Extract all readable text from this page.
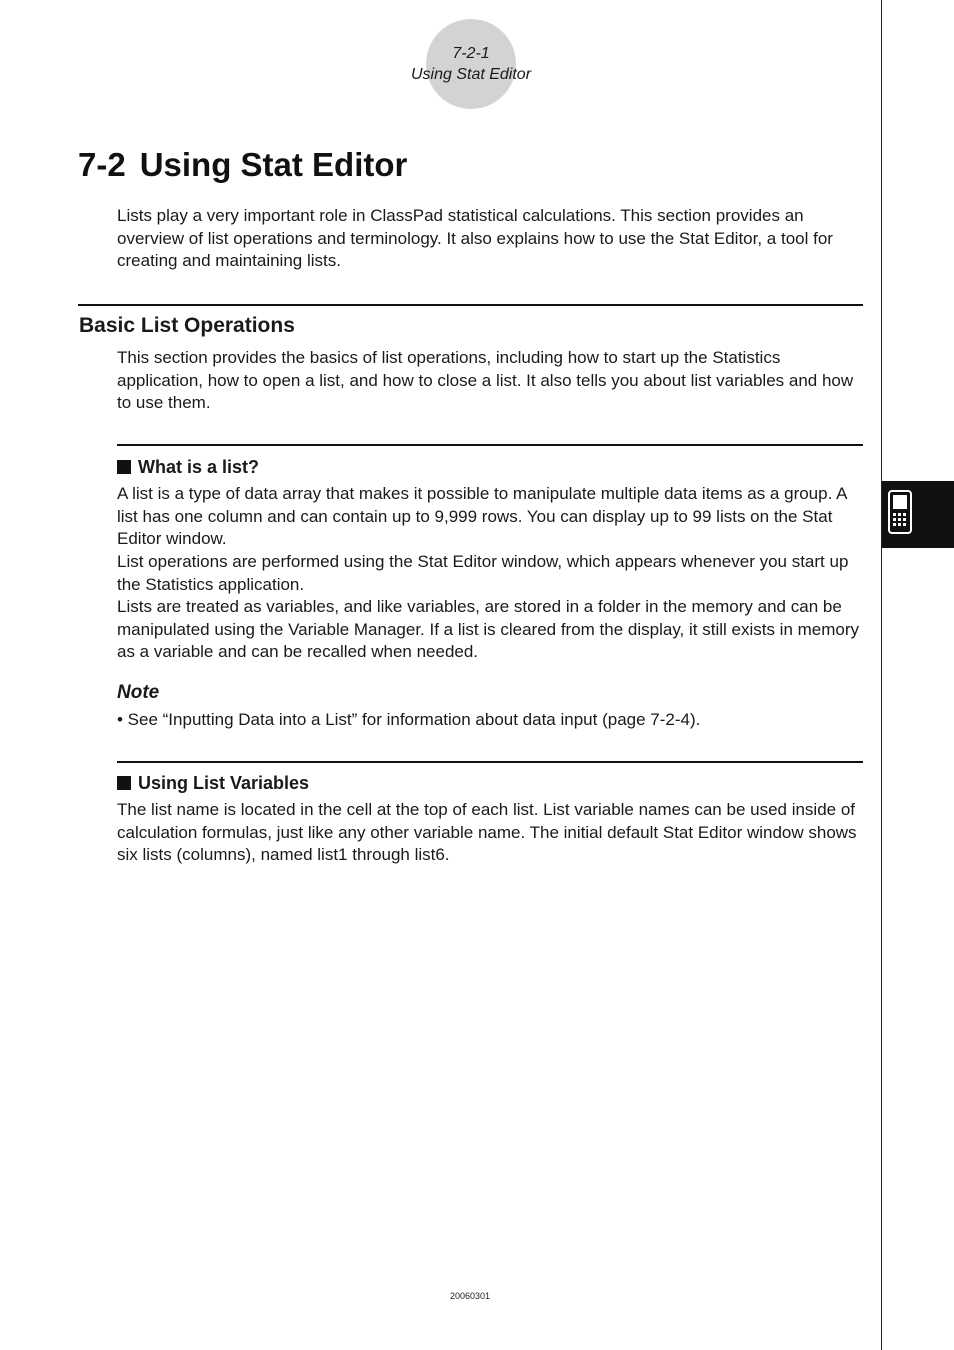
7-2-1
Using Stat Editor
7-2 Using Stat Editor

Lists play a very important role in ClassPad statistical calculations. This section provides an overview of list operations and terminology. It also explains how to use the Stat Editor, a tool for creating and maintaining lists.

Basic List Operations

This section provides the basics of list operations, including how to start up the Statistics application, how to open a list, and how to close a list. It also tells you about list variables and how to use them.

What is a list?

A list is a type of data array that makes it possible to manipulate multiple data items as a group. A list has one column and can contain up to 9,999 rows. You can display up to 99 lists on the Stat Editor window.

List operations are performed using the Stat Editor window, which appears whenever you start up the Statistics application.

Lists are treated as variables, and like variables, are stored in a folder in the memory and can be manipulated using the Variable Manager. If a list is cleared from the display, it still exists in memory as a variable and can be recalled when needed.

Note

• See “Inputting Data into a List” for information about data input (page 7-2-4).

Using List Variables

The list name is located in the cell at the top of each list. List variable names can be used inside of calculation formulas, just like any other variable name. The initial default Stat Editor window shows six lists (columns), named list1 through list6.

20060301
